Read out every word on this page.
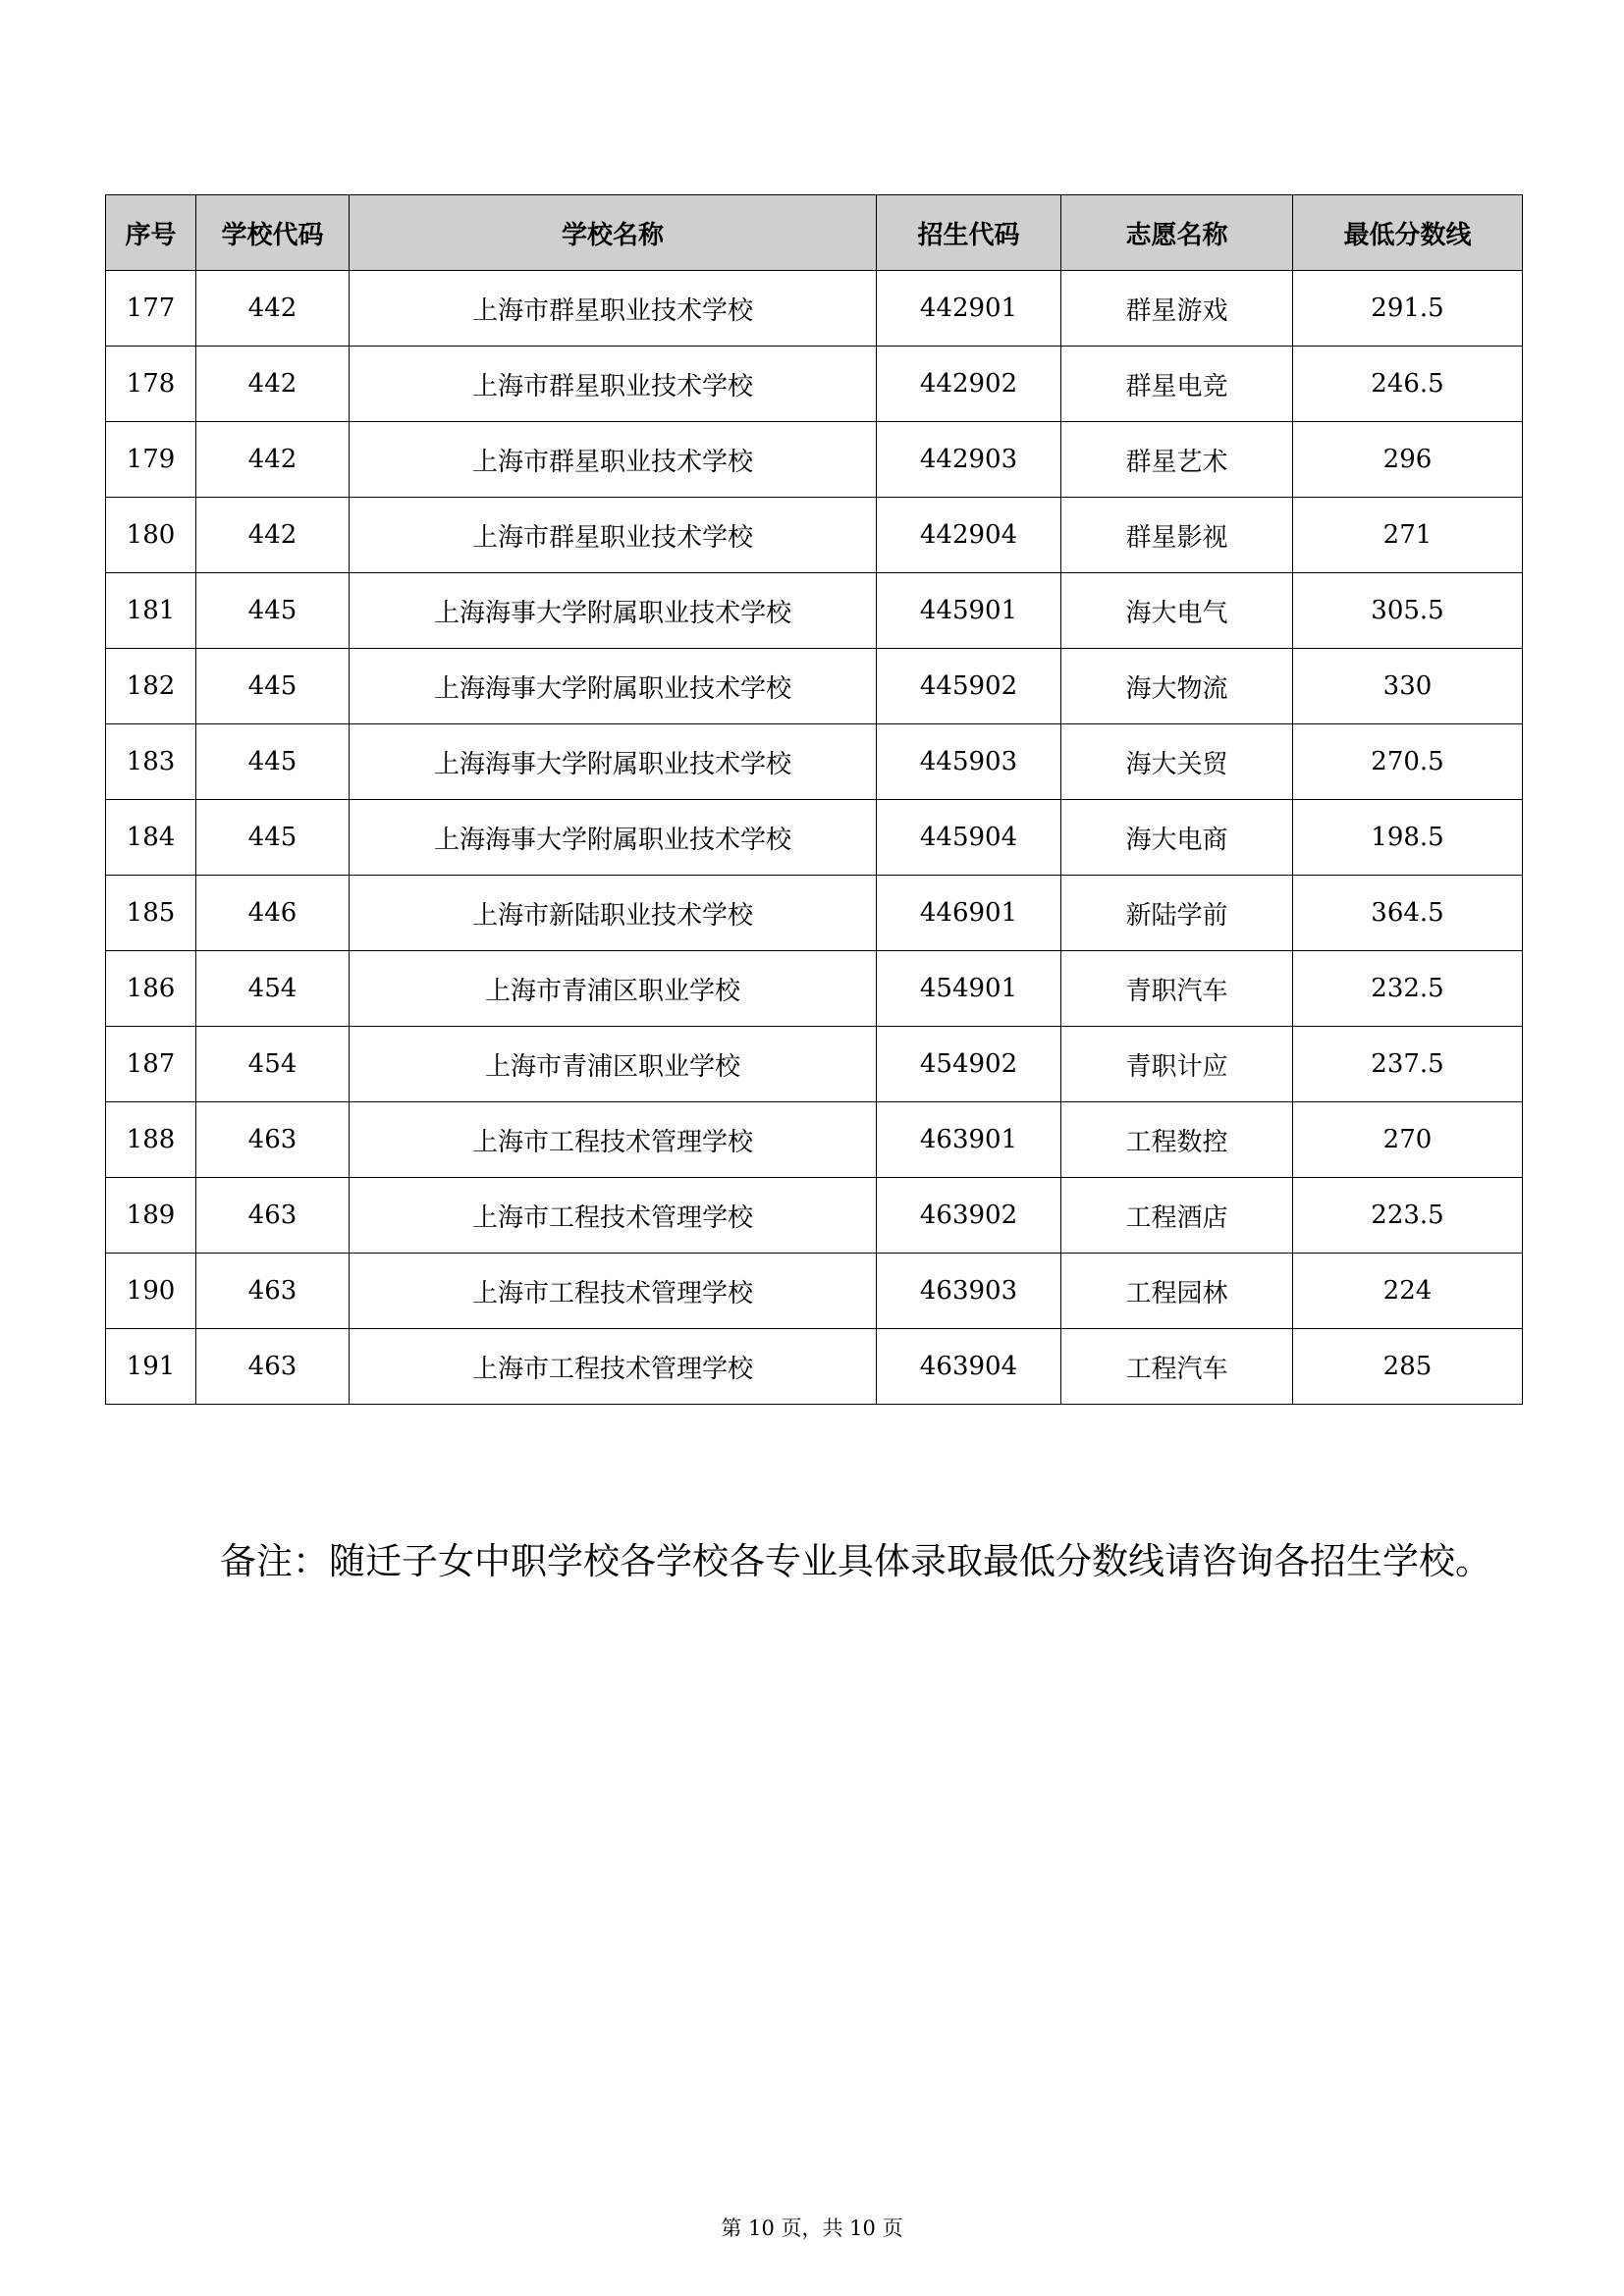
序号	学校代码	学校名称	招生代码	志愿名称	最低分数线
177	442	上海市群星职业技术学校	442901	群星游戏	291.5
178	442	上海市群星职业技术学校	442902	群星电竞	246.5
179	442	上海市群星职业技术学校	442903	群星艺术	296
180	442	上海市群星职业技术学校	442904	群星影视	271
181	445	上海海事大学附属职业技术学校	445901	海大电气	305.5
182	445	上海海事大学附属职业技术学校	445902	海大物流	330
183	445	上海海事大学附属职业技术学校	445903	海大关贸	270.5
184	445	上海海事大学附属职业技术学校	445904	海大电商	198.5
185	446	上海市新陆职业技术学校	446901	新陆学前	364.5
186	454	上海市青浦区职业学校	454901	青职汽车	232.5
187	454	上海市青浦区职业学校	454902	青职计应	237.5
188	463	上海市工程技术管理学校	463901	工程数控	270
189	463	上海市工程技术管理学校	463902	工程酒店	223.5
190	463	上海市工程技术管理学校	463903	工程园林	224
191	463	上海市工程技术管理学校	463904	工程汽车	285

备注：随迁子女中职学校各学校各专业具体录取最低分数线请咨询各招生学校。

第 10 页，共 10 页
